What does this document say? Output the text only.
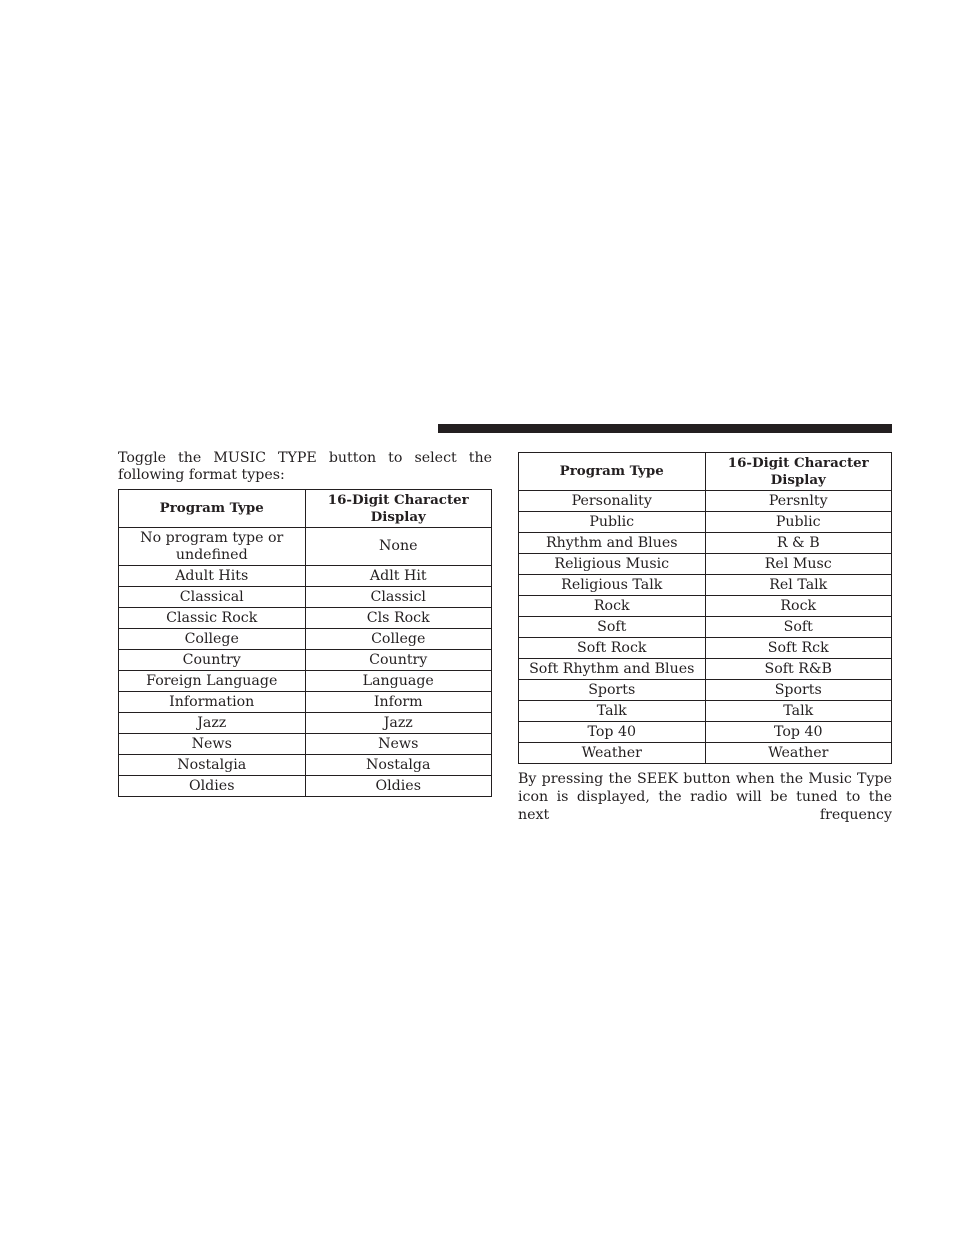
Toggle the MUSIC TYPE button to select the following format types:

Program Type	16-Digit Character Display
No program type or undefined	None
Adult Hits	Adlt Hit
Classical	Classicl
Classic Rock	Cls Rock
College	College
Country	Country
Foreign Language	Language
Information	Inform
Jazz	Jazz
News	News
Nostalgia	Nostalga
Oldies	Oldies
Program Type	16-Digit Character Display
Personality	Persnlty
Public	Public
Rhythm and Blues	R & B
Religious Music	Rel Musc
Religious Talk	Rel Talk
Rock	Rock
Soft	Soft
Soft Rock	Soft Rck
Soft Rhythm and Blues	Soft R&B
Sports	Sports
Talk	Talk
Top 40	Top 40
Weather	Weather

By pressing the SEEK button when the Music Type icon is displayed, the radio will be tuned to the next frequency
